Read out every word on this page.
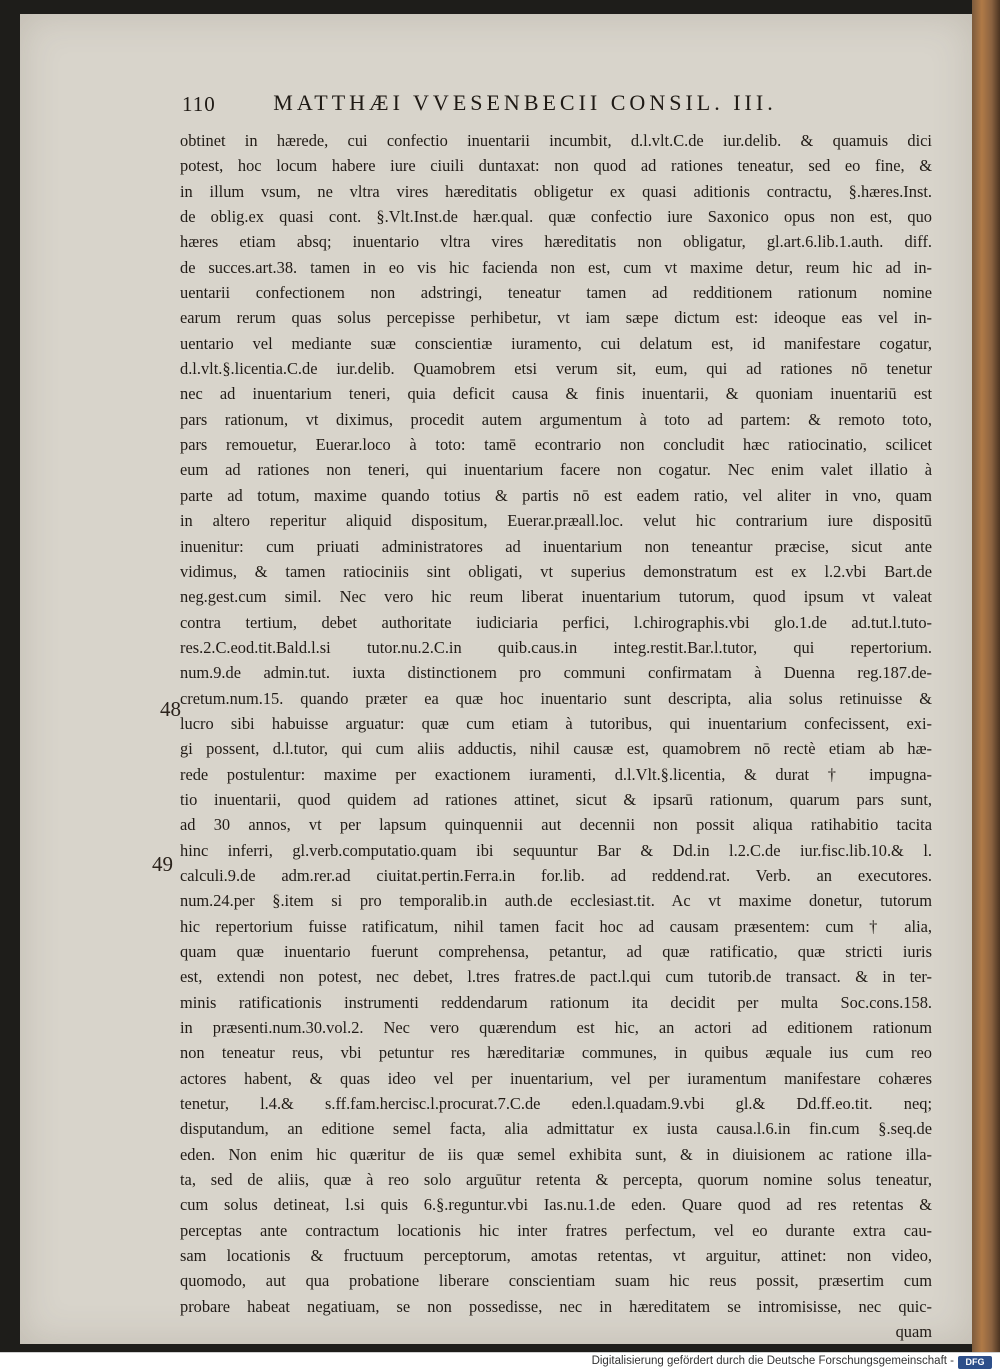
110	MATTHÆI VVESENBECII CONSIL. III.
48
49
obtinet in hærede, cui confectio inuentarii incumbit, d.l.vlt.C.de iur.delib. & quamuis dici
potest, hoc locum habere iure ciuili duntaxat: non quod ad rationes teneatur, sed eo fine, &
in illum vsum, ne vltra vires hæreditatis obligetur ex quasi aditionis contractu, §.hæres.Inst.
de oblig.ex quasi cont. §.Vlt.Inst.de hær.qual. quæ confectio iure Saxonico opus non est, quo
hæres etiam absq; inuentario vltra vires hæreditatis non obligatur, gl.art.6.lib.1.auth. diff.
de succes.art.38. tamen in eo vis hic facienda non est, cum vt maxime detur, reum hic ad in-
uentarii confectionem non adstringi, teneatur tamen ad redditionem rationum nomine
earum rerum quas solus percepisse perhibetur, vt iam sæpe dictum est: ideoque eas vel in-
uentario vel mediante suæ conscientiæ iuramento, cui delatum est, id manifestare cogatur,
d.l.vlt.§.licentia.C.de iur.delib. Quamobrem etsi verum sit, eum, qui ad rationes nō tenetur
nec ad inuentarium teneri, quia deficit causa & finis inuentarii, & quoniam inuentariū est
pars rationum, vt diximus, procedit autem argumentum à toto ad partem: & remoto toto,
pars remouetur, Euerar.loco à toto: tamē econtrario non concludit hæc ratiocinatio, scilicet
eum ad rationes non teneri, qui inuentarium facere non cogatur. Nec enim valet illatio à
parte ad totum, maxime quando totius & partis nō est eadem ratio, vel aliter in vno, quam
in altero reperitur aliquid dispositum, Euerar.præall.loc. velut hic contrarium iure dispositū
inuenitur: cum priuati administratores ad inuentarium non teneantur præcise, sicut ante
vidimus, & tamen ratiociniis sint obligati, vt superius demonstratum est ex l.2.vbi Bart.de
neg.gest.cum simil. Nec vero hic reum liberat inuentarium tutorum, quod ipsum vt valeat
contra tertium, debet authoritate iudiciaria perfici, l.chirographis.vbi glo.1.de ad.tut.l.tuto-
res.2.C.eod.tit.Bald.l.si tutor.nu.2.C.in quib.caus.in integ.restit.Bar.l.tutor, qui repertorium.
num.9.de admin.tut. iuxta distinctionem pro communi confirmatam à Duenna reg.187.de-
cretum.num.15. quando præter ea quæ hoc inuentario sunt descripta, alia solus retinuisse &
lucro sibi habuisse arguatur: quæ cum etiam à tutoribus, qui inuentarium confecissent, exi-
gi possent, d.l.tutor, qui cum aliis adductis, nihil causæ est, quamobrem nō rectè etiam ab hæ-
rede postulentur: maxime per exactionem iuramenti, d.l.Vlt.§.licentia, & durat † impugna-
tio inuentarii, quod quidem ad rationes attinet, sicut & ipsarū rationum, quarum pars sunt,
ad 30 annos, vt per lapsum quinquennii aut decennii non possit aliqua ratihabitio tacita
hinc inferri, gl.verb.computatio.quam ibi sequuntur Bar & Dd.in l.2.C.de iur.fisc.lib.10.& l.
calculi.9.de adm.rer.ad ciuitat.pertin.Ferra.in for.lib. ad reddend.rat. Verb. an executores.
num.24.per §.item si pro temporalib.in auth.de ecclesiast.tit. Ac vt maxime donetur, tutorum
hic repertorium fuisse ratificatum, nihil tamen facit hoc ad causam præsentem: cum † alia,
quam quæ inuentario fuerunt comprehensa, petantur, ad quæ ratificatio, quæ stricti iuris
est, extendi non potest, nec debet, l.tres fratres.de pact.l.qui cum tutorib.de transact. & in ter-
minis ratificationis instrumenti reddendarum rationum ita decidit per multa Soc.cons.158.
in præsenti.num.30.vol.2. Nec vero quærendum est hic, an actori ad editionem rationum
non teneatur reus, vbi petuntur res hæreditariæ communes, in quibus æquale ius cum reo
actores habent, & quas ideo vel per inuentarium, vel per iuramentum manifestare cohæres
tenetur, l.4.& s.ff.fam.hercisc.l.procurat.7.C.de eden.l.quadam.9.vbi gl.& Dd.ff.eo.tit. neq;
disputandum, an editione semel facta, alia admittatur ex iusta causa.l.6.in fin.cum §.seq.de
eden. Non enim hic quæritur de iis quæ semel exhibita sunt, & in diuisionem ac ratione illa-
ta, sed de aliis, quæ à reo solo arguūtur retenta & percepta, quorum nomine solus teneatur,
cum solus detineat, l.si quis 6.§.reguntur.vbi Ias.nu.1.de eden. Quare quod ad res retentas &
perceptas ante contractum locationis hic inter fratres perfectum, vel eo durante extra cau-
sam locationis & fructuum perceptorum, amotas retentas, vt arguitur, attinet: non video,
quomodo, aut qua probatione liberare conscientiam suam hic reus possit, præsertim cum
probare habeat negatiuam, se non possedisse, nec in hæreditatem se intromisisse, nec quic-
quam
Digitalisierung gefördert durch die Deutsche Forschungsgemeinschaft -	DFG
